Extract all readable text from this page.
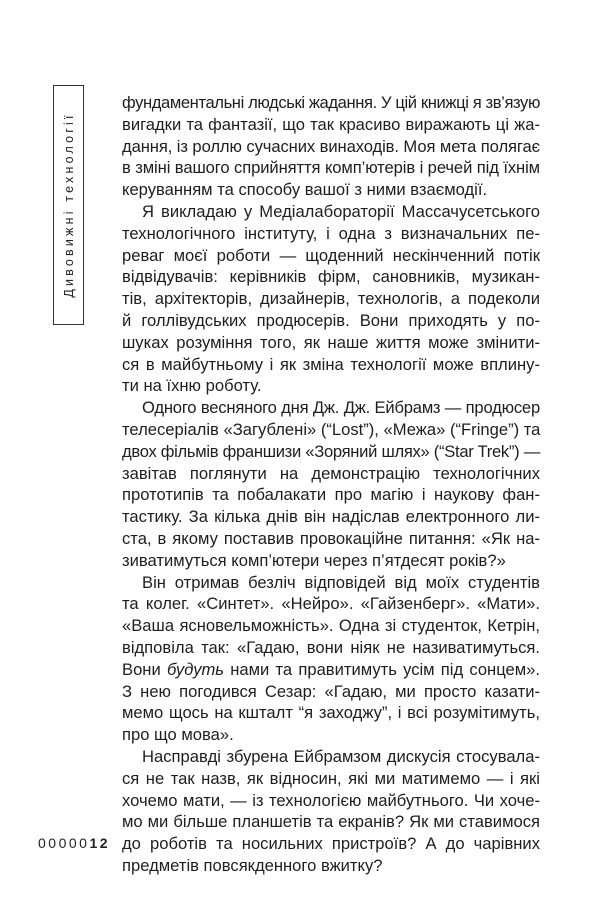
Дивовижні технології
фундаментальні людські жадання. У цій книжці я зв’язую
вигадки та фантазії, що так красиво виражають ці жа-
дання, із роллю сучасних винаходів. Моя мета полягає
в зміні вашого сприйняття комп’ютерів і речей під їхнім
керуванням та способу вашої з ними взаємодії.
Я викладаю у Медіалабораторії Массачусетського
технологічного інституту, і одна з визначальних пе-
реваг моєї роботи — щоденний нескінченний потік
відвідувачів: керівників фірм, сановників, музикан-
тів, архітекторів, дизайнерів, технологів, а подеколи
й голлівудських продюсерів. Вони приходять у по-
шуках розуміння того, як наше життя може змінити-
ся в майбутньому і як зміна технології може вплину-
ти на їхню роботу.
Одного весняного дня Дж. Дж. Ейбрамз — продюсер
телесеріалів «Загублені» (“Lost”), «Межа» (“Fringe”) та
двох фільмів франшизи «Зоряний шлях» (“Star Trek”) —
завітав поглянути на демонстрацію технологічних
прототипів та побалакати про магію і наукову фан-
тастику. За кілька днів він надіслав електронного ли-
ста, в якому поставив провокаційне питання: «Як на-
зиватимуться комп’ютери через п’ятдесят років?»
Він отримав безліч відповідей від моїх студентів
та колег. «Синтет». «Нейро». «Гайзенберг». «Мати».
«Ваша ясновельможність». Одна зі студенток, Кетрін,
відповіла так: «Гадаю, вони ніяк не називатимуться.
Вони будуть нами та правитимуть усім під сонцем».
З нею погодився Сезар: «Гадаю, ми просто казати-
мемо щось на кшталт “я заходжу”, і всі розумітимуть,
про що мова».
Насправді збурена Ейбрамзом дискусія стосувала-
ся не так назв, як відносин, які ми матимемо — і які
хочемо мати, — із технологією майбутнього. Чи хоче-
мо ми більше планшетів та екранів? Як ми ставимося
до роботів та носильних пристроїв? А до чарівних
предметів повсякденного вжитку?
0000012
